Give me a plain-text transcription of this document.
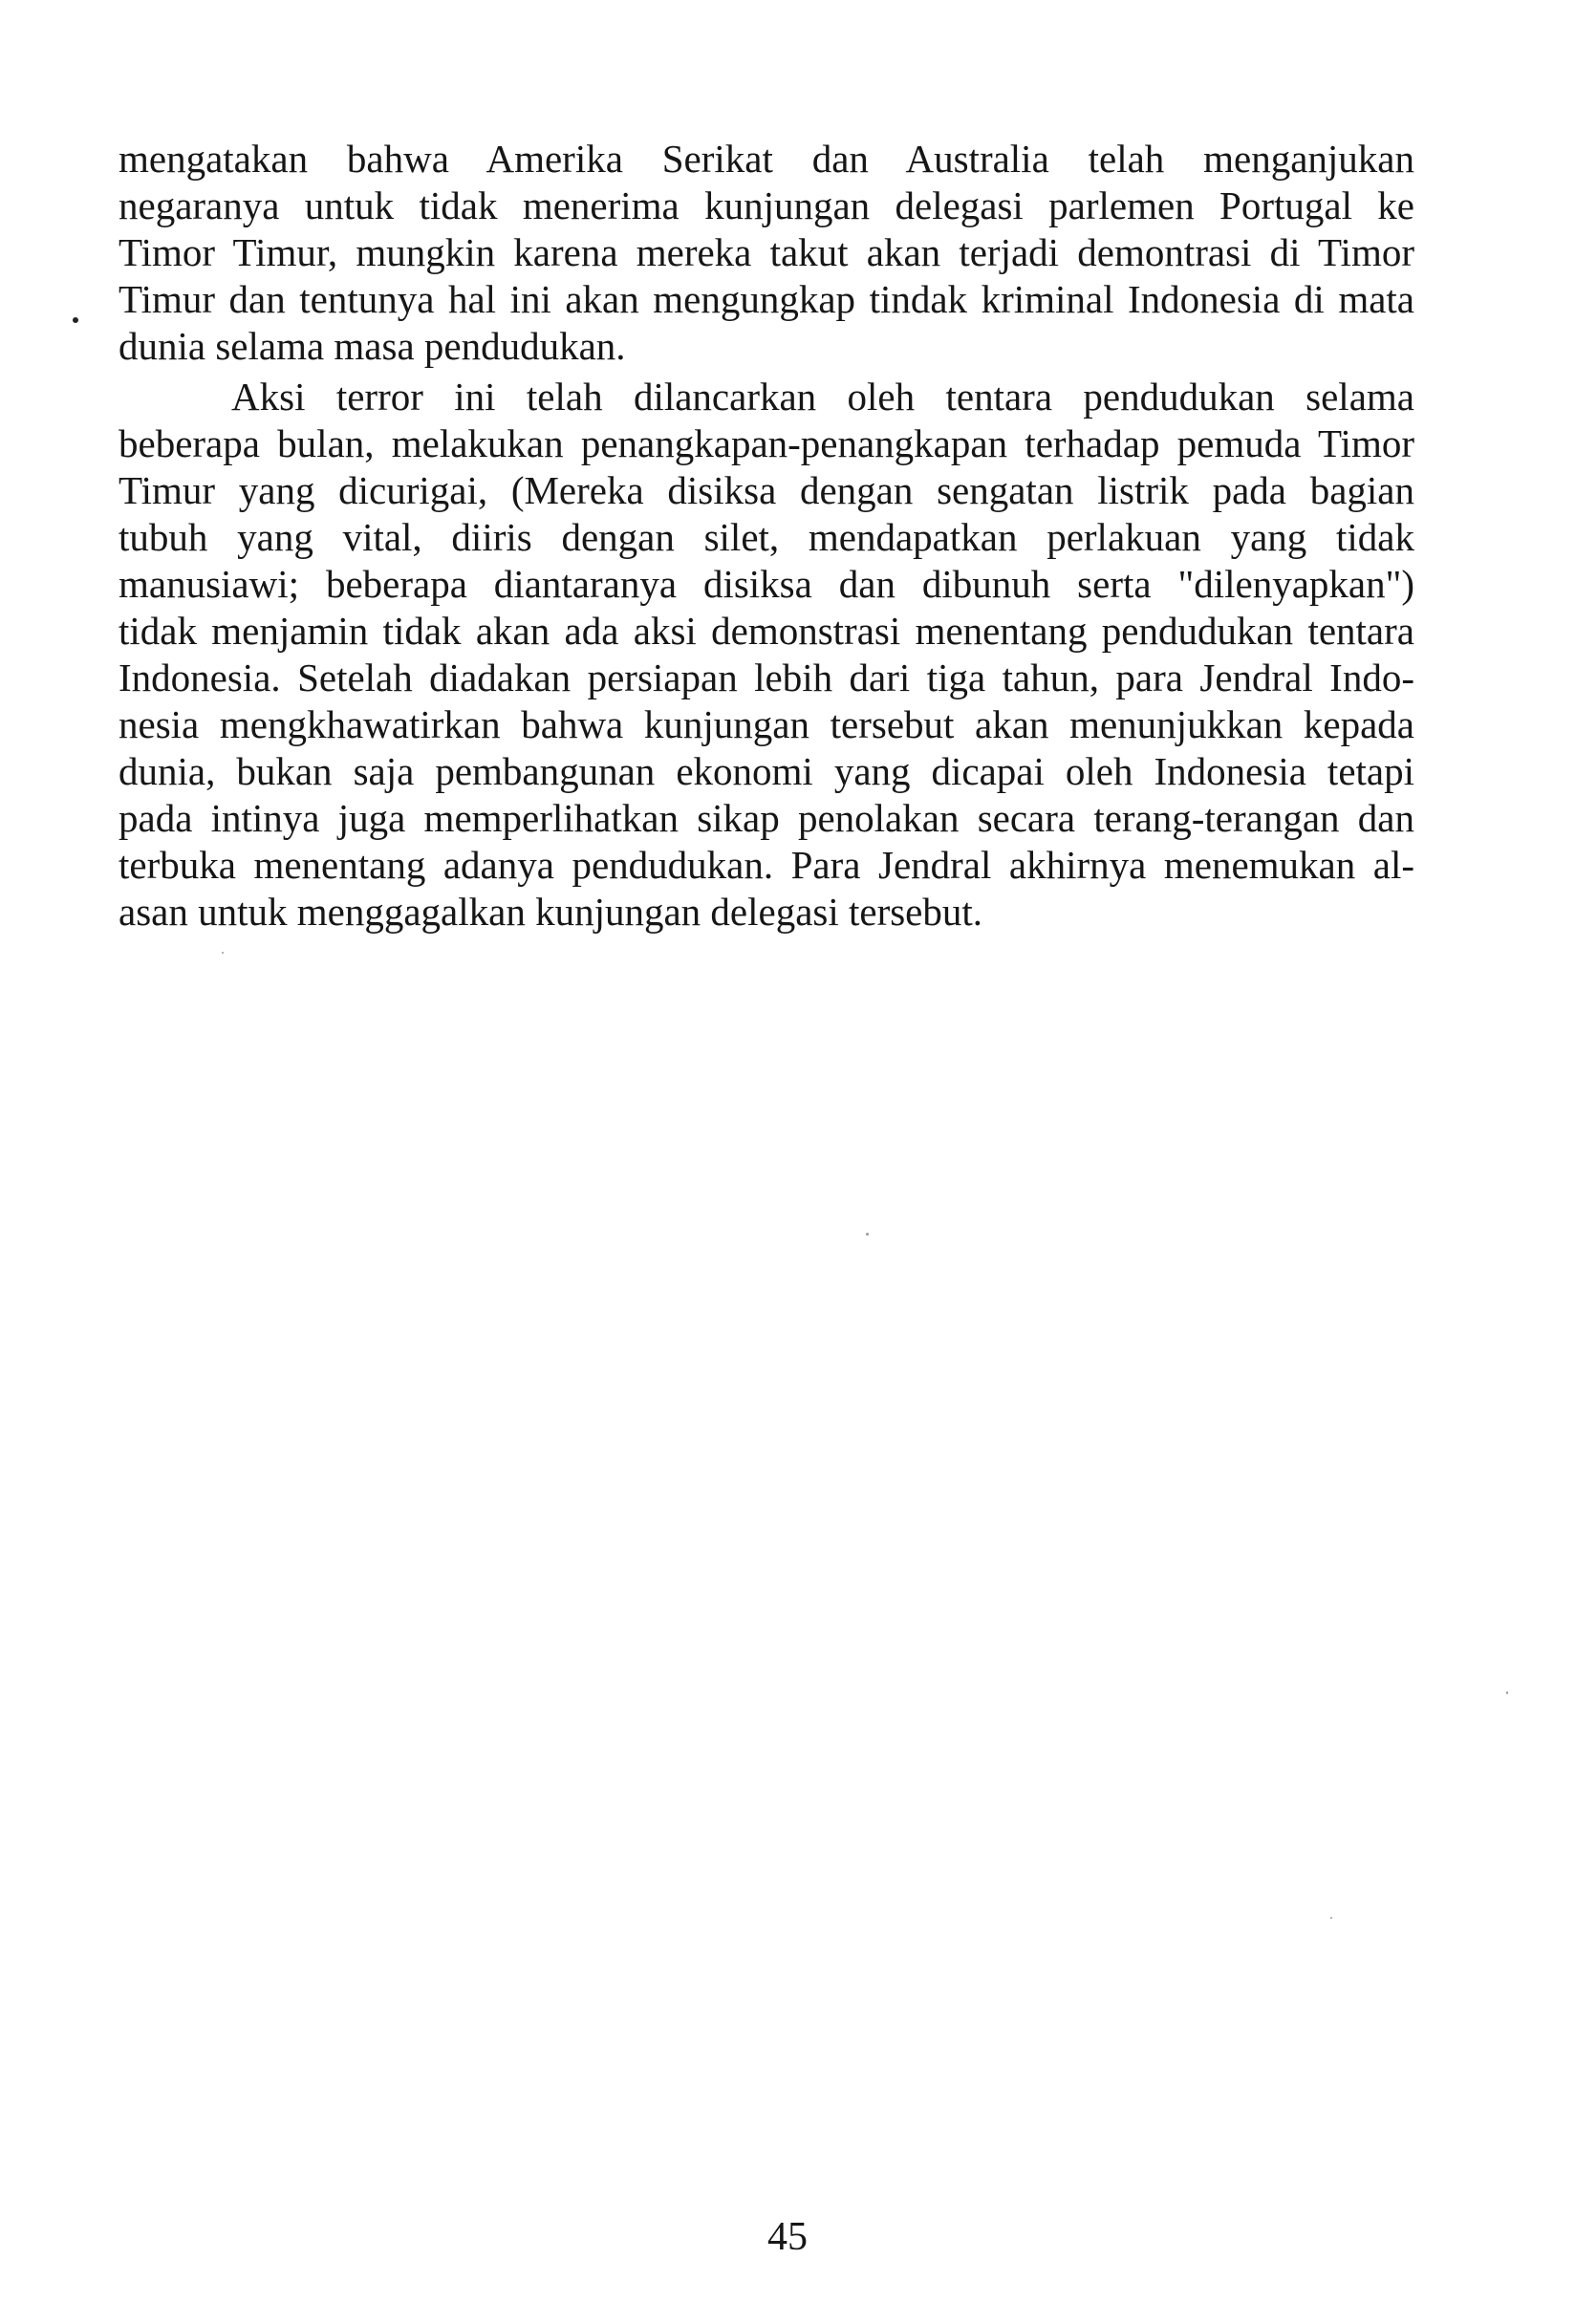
mengatakan bahwa Amerika Serikat dan Australia telah menganjukan
negaranya untuk tidak menerima kunjungan delegasi parlemen Portugal ke
Timor Timur, mungkin karena mereka takut akan terjadi demontrasi di Timor
Timur dan tentunya hal ini akan mengungkap tindak kriminal Indonesia di mata
dunia selama masa pendudukan.
Aksi terror ini telah dilancarkan oleh tentara pendudukan selama
beberapa bulan, melakukan penangkapan-penangkapan terhadap pemuda Timor
Timur yang dicurigai, (Mereka disiksa dengan sengatan listrik pada bagian
tubuh yang vital, diiris dengan silet, mendapatkan perlakuan yang tidak
manusiawi; beberapa diantaranya disiksa dan dibunuh serta "dilenyapkan")
tidak menjamin tidak akan ada aksi demonstrasi menentang pendudukan tentara
Indonesia. Setelah diadakan persiapan lebih dari tiga tahun, para Jendral Indo-
nesia mengkhawatirkan bahwa kunjungan tersebut akan menunjukkan kepada
dunia, bukan saja pembangunan ekonomi yang dicapai oleh Indonesia tetapi
pada intinya juga memperlihatkan sikap penolakan secara terang-terangan dan
terbuka menentang adanya pendudukan. Para Jendral akhirnya menemukan al-
asan untuk menggagalkan kunjungan delegasi tersebut.
45
